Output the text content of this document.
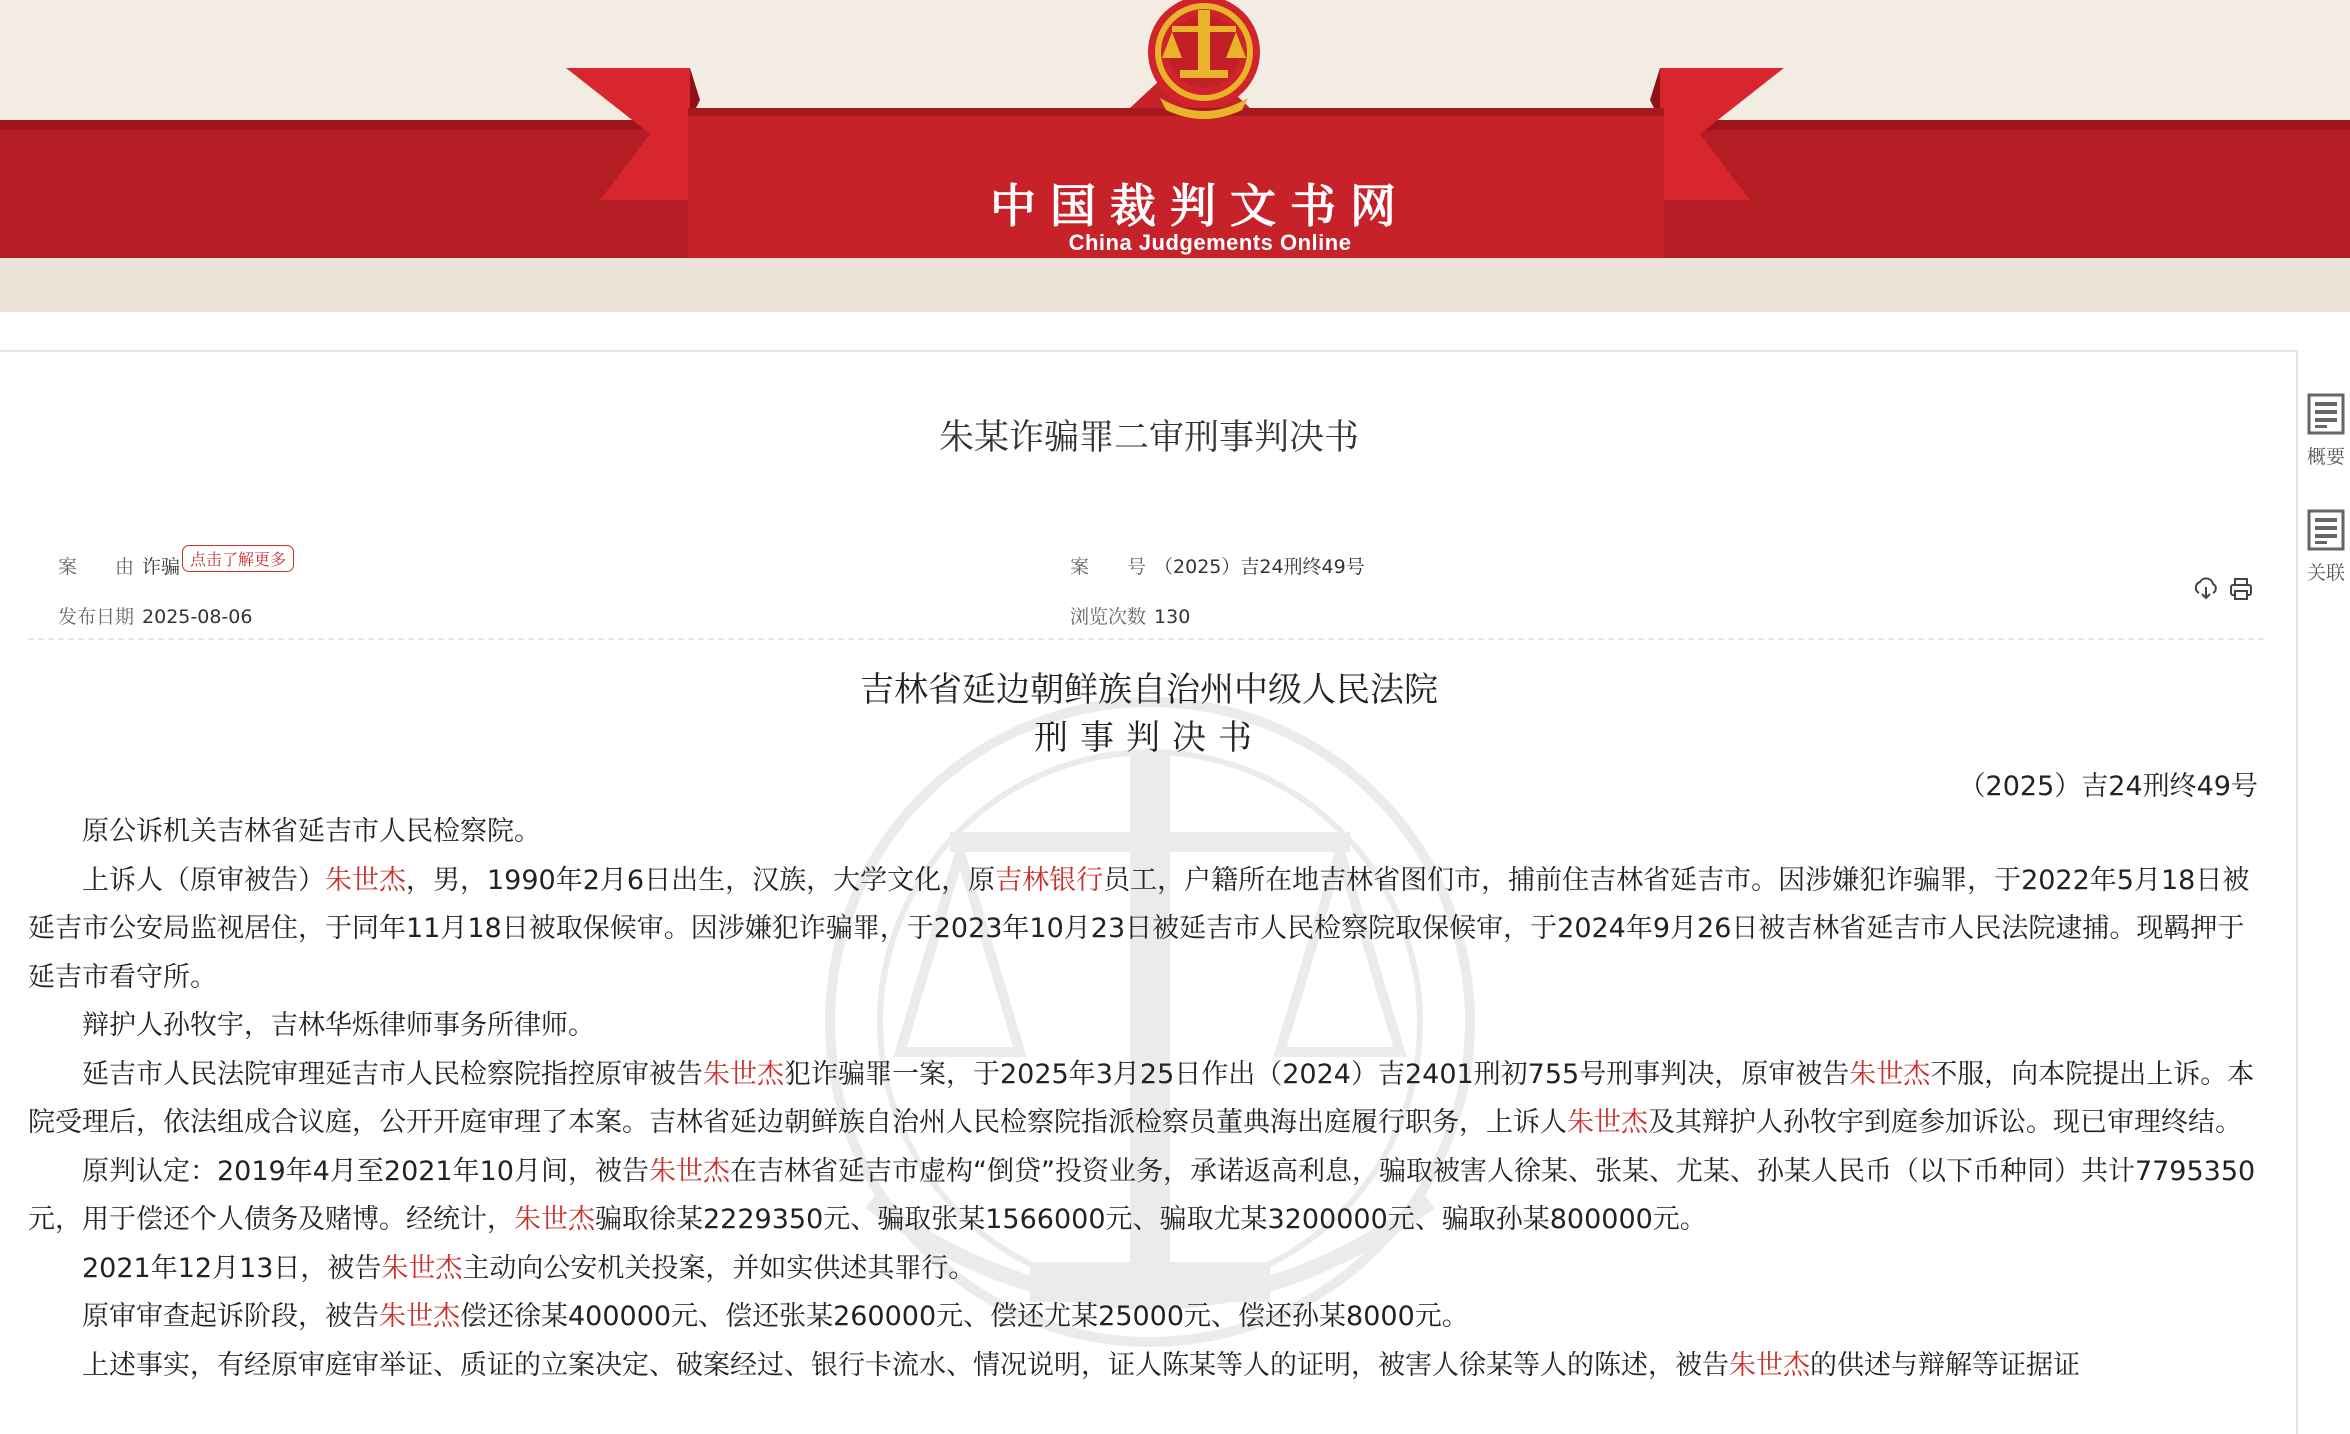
中国裁判文书网
China Judgements Online
朱某诈骗罪二审刑事判决书
案　　由 诈骗 点击了解更多	案　　号 （2025）吉24刑终49号
发布日期 2025-08-06	浏览次数 130
吉林省延边朝鲜族自治州中级人民法院
刑事判决书
（2025）吉24刑终49号

原公诉机关吉林省延吉市人民检察院。

上诉人（原审被告）朱世杰，男，1990年2月6日出生，汉族，大学文化，原吉林银行员工，户籍所在地吉林省图们市，捕前住吉林省延吉市。因涉嫌犯诈骗罪，于2022年5月18日被延吉市公安局监视居住，于同年11月18日被取保候审。因涉嫌犯诈骗罪，于2023年10月23日被延吉市人民检察院取保候审，于2024年9月26日被吉林省延吉市人民法院逮捕。现羁押于延吉市看守所。

辩护人孙牧宇，吉林华烁律师事务所律师。

延吉市人民法院审理延吉市人民检察院指控原审被告朱世杰犯诈骗罪一案，于2025年3月25日作出（2024）吉2401刑初755号刑事判决，原审被告朱世杰不服，向本院提出上诉。本院受理后，依法组成合议庭，公开开庭审理了本案。吉林省延边朝鲜族自治州人民检察院指派检察员董典海出庭履行职务，上诉人朱世杰及其辩护人孙牧宇到庭参加诉讼。现已审理终结。

原判认定：2019年4月至2021年10月间，被告朱世杰在吉林省延吉市虚构“倒贷”投资业务，承诺返高利息，骗取被害人徐某、张某、尤某、孙某人民币（以下币种同）共计7795350元，用于偿还个人债务及赌博。经统计，朱世杰骗取徐某2229350元、骗取张某1566000元、骗取尤某3200000元、骗取孙某800000元。

2021年12月13日，被告朱世杰主动向公安机关投案，并如实供述其罪行。

原审审查起诉阶段，被告朱世杰偿还徐某400000元、偿还张某260000元、偿还尤某25000元、偿还孙某8000元。

上述事实，有经原审庭审举证、质证的立案决定、破案经过、银行卡流水、情况说明，证人陈某等人的证明，被害人徐某等人的陈述，被告朱世杰的供述与辩解等证据证

概要
关联
